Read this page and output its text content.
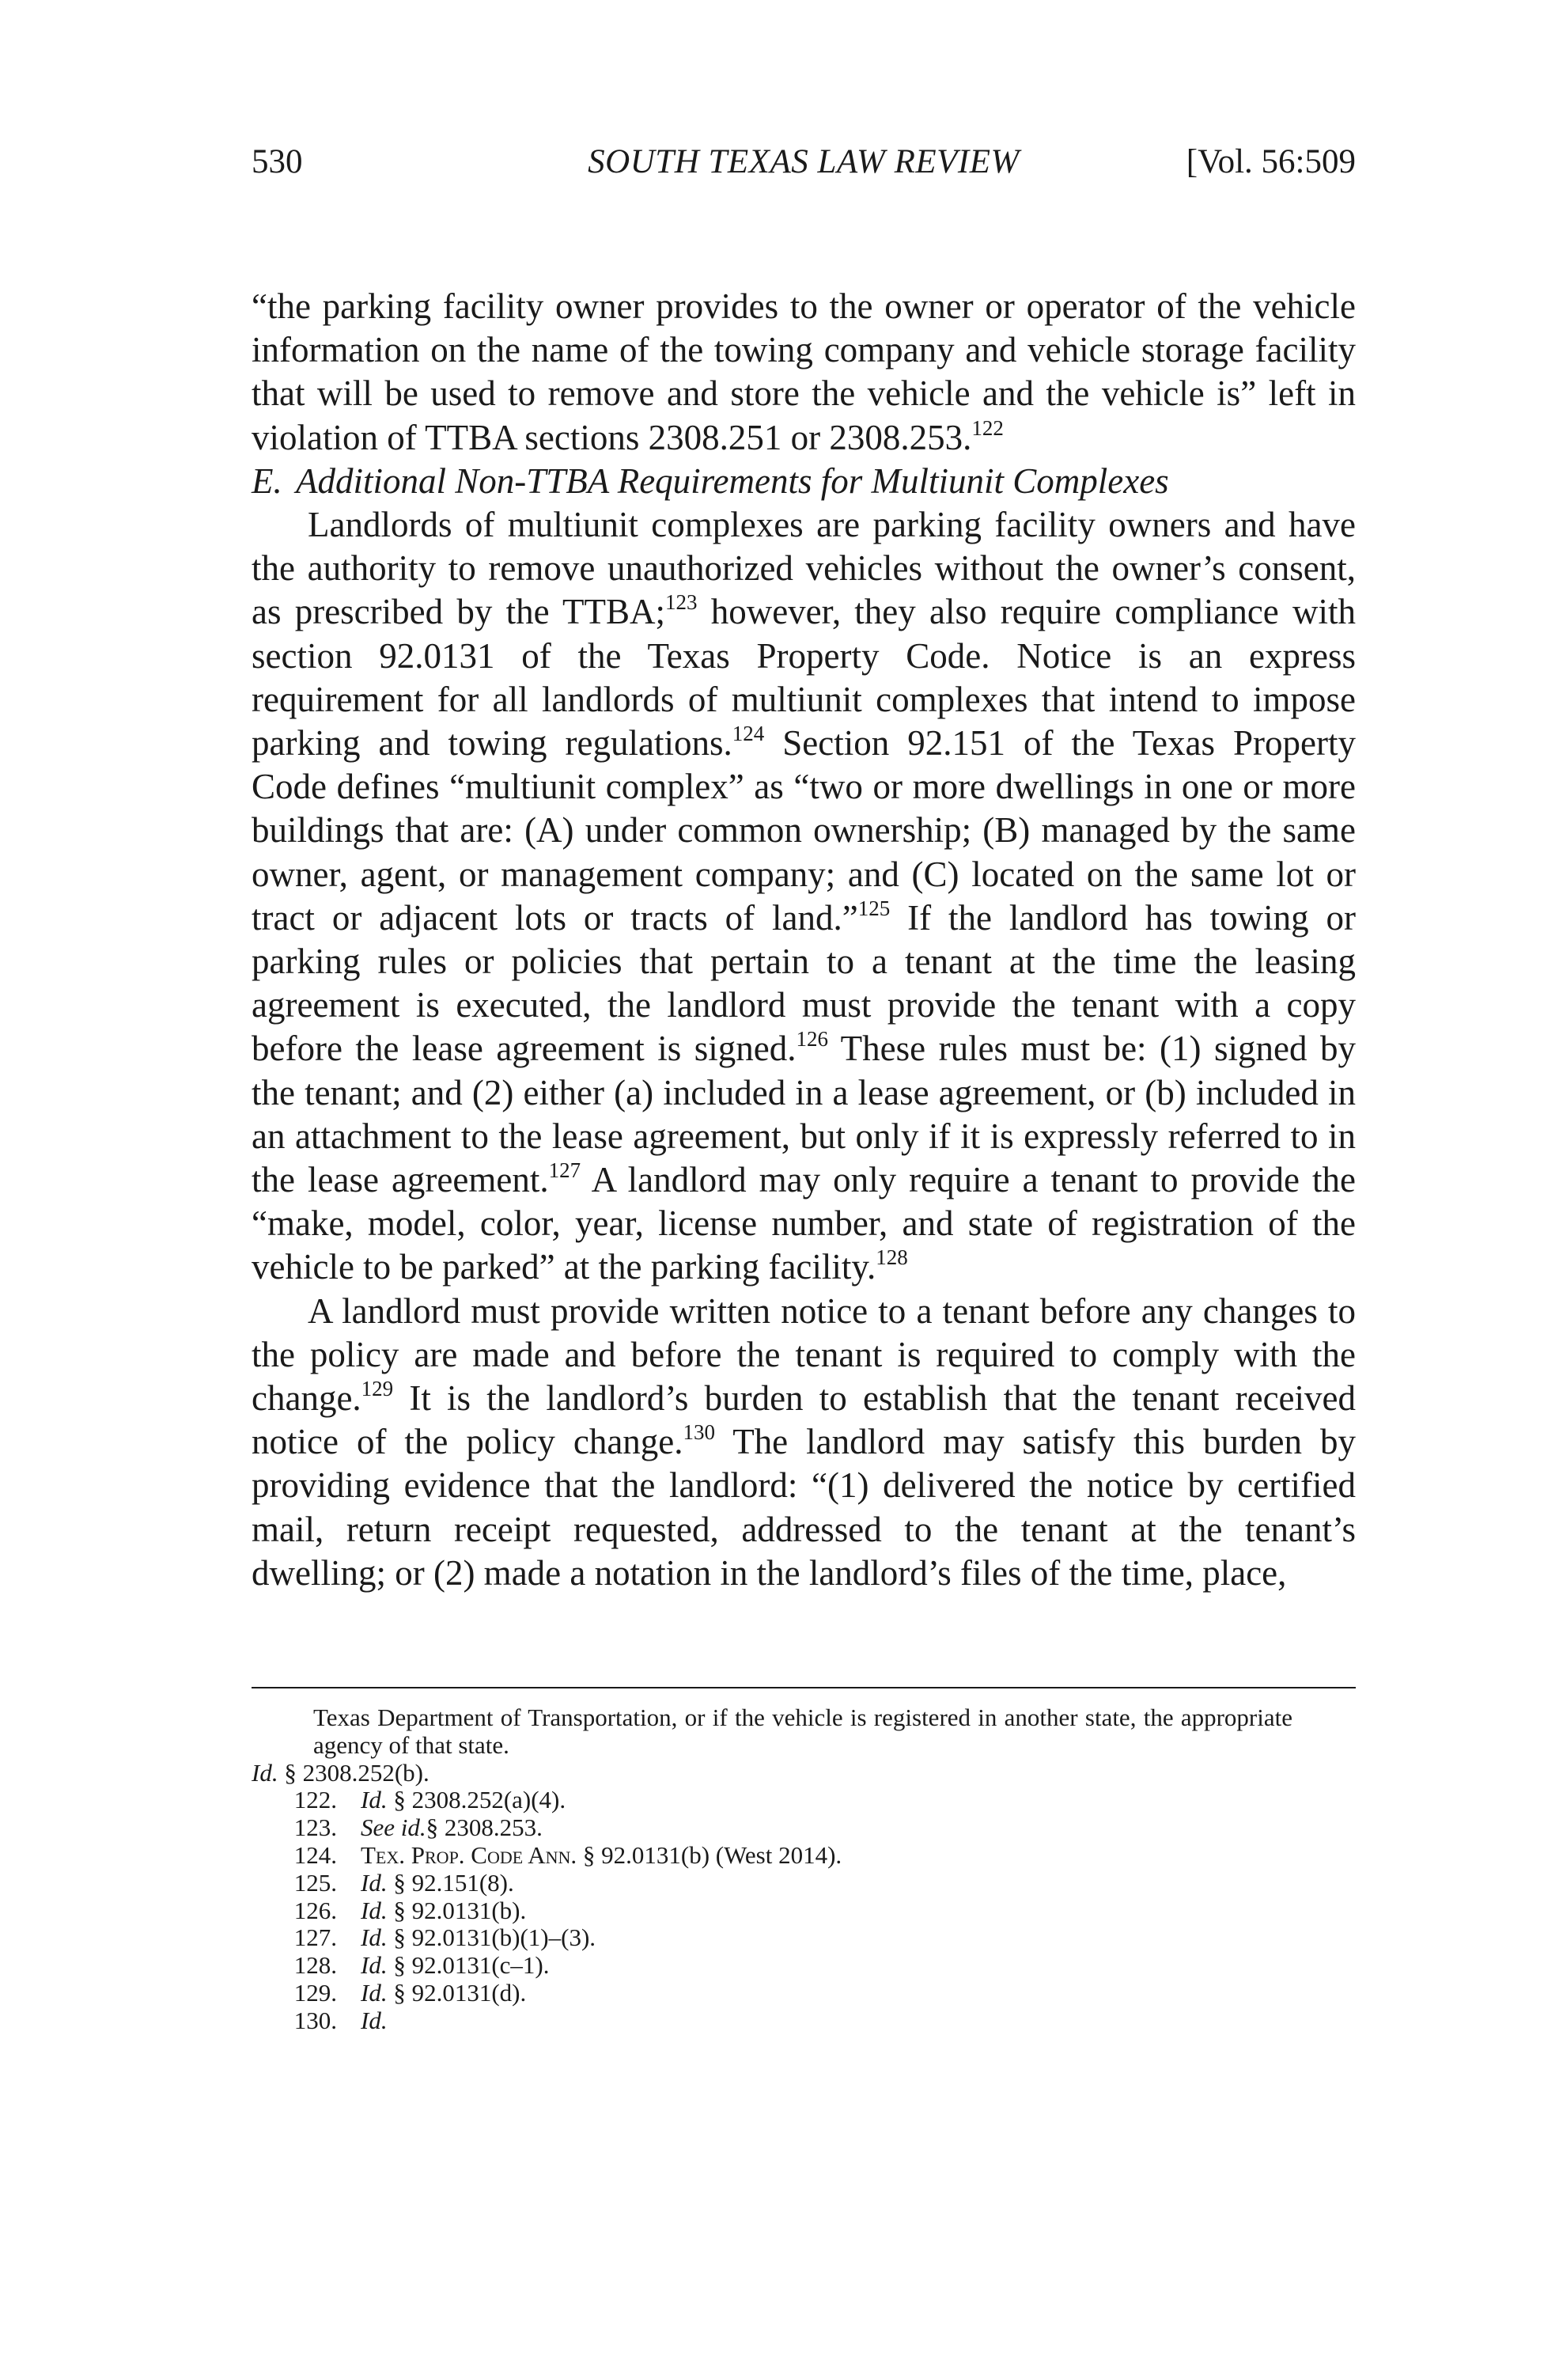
530	SOUTH TEXAS LAW REVIEW	[Vol. 56:509

“the parking facility owner provides to the owner or operator of the vehicle information on the name of the towing company and vehicle storage facility that will be used to remove and store the vehicle and the vehicle is” left in violation of TTBA sections 2308.251 or 2308.253.$^{122}$

E. Additional Non-TTBA Requirements for Multiunit Complexes

Landlords of multiunit complexes are parking facility owners and have the authority to remove unauthorized vehicles without the owner’s consent, as prescribed by the TTBA;$^{123}$ however, they also require compliance with section 92.0131 of the Texas Property Code. Notice is an express requirement for all landlords of multiunit complexes that intend to impose parking and towing regulations.$^{124}$ Section 92.151 of the Texas Property Code defines “multiunit complex” as “two or more dwellings in one or more buildings that are: (A) under common ownership; (B) managed by the same owner, agent, or management company; and (C) located on the same lot or tract or adjacent lots or tracts of land.”$^{125}$ If the landlord has towing or parking rules or policies that pertain to a tenant at the time the leasing agreement is executed, the landlord must provide the tenant with a copy before the lease agreement is signed.$^{126}$ These rules must be: (1) signed by the tenant; and (2) either (a) included in a lease agreement, or (b) included in an attachment to the lease agreement, but only if it is expressly referred to in the lease agreement.$^{127}$ A landlord may only require a tenant to provide the “make, model, color, year, license number, and state of registration of the vehicle to be parked” at the parking facility.$^{128}$

A landlord must provide written notice to a tenant before any changes to the policy are made and before the tenant is required to comply with the change.$^{129}$ It is the landlord’s burden to establish that the tenant received notice of the policy change.$^{130}$ The landlord may satisfy this burden by providing evidence that the landlord: “(1) delivered the notice by certified mail, return receipt requested, addressed to the tenant at the tenant’s dwelling; or (2) made a notation in the landlord’s files of the time, place,

Texas Department of Transportation, or if the vehicle is registered in another state, the appropriate agency of that state.

Id. § 2308.252(b).

122. Id. § 2308.252(a)(4).
123. See id.§ 2308.253.
124. Tex. Prop. Code Ann. § 92.0131(b) (West 2014).
125. Id. § 92.151(8).
126. Id. § 92.0131(b).
127. Id. § 92.0131(b)(1)–(3).
128. Id. § 92.0131(c–1).
129. Id. § 92.0131(d).
130. Id.
